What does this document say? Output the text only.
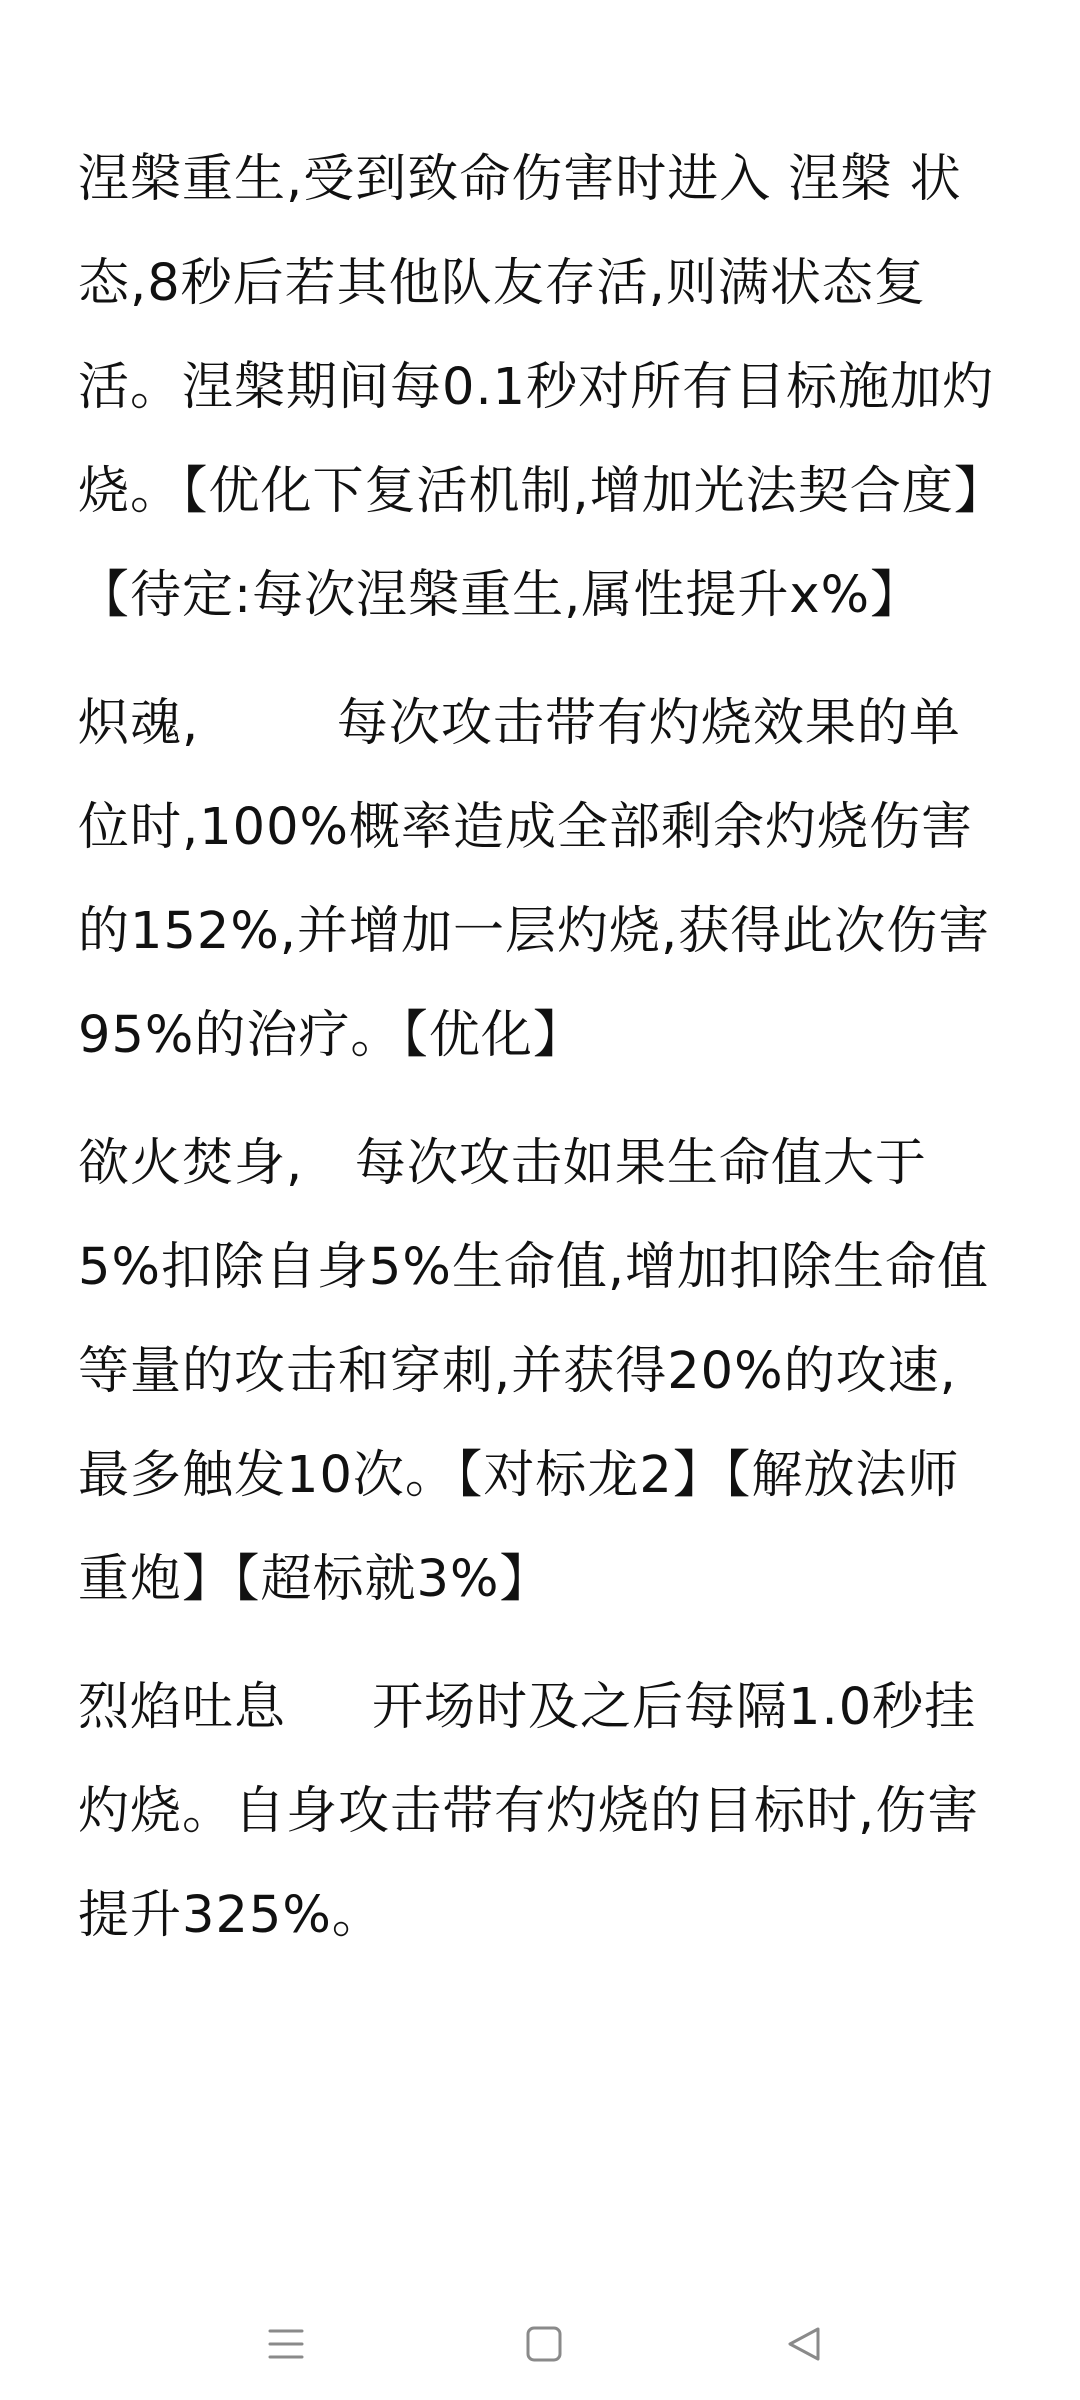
涅槃重生,受到致命伤害时进入 涅槃 状态,8秒后若其他队友存活,则满状态复活。涅槃期间每0.1秒对所有目标施加灼烧。【优化下复活机制,增加光法契合度】【待定:每次涅槃重生,属性提升x%】

炽魂,        每次攻击带有灼烧效果的单位时,100%概率造成全部剩余灼烧伤害的152%,并增加一层灼烧,获得此次伤害95%的治疗。【优化】

欲火焚身,   每次攻击如果生命值大于5%扣除自身5%生命值,增加扣除生命值等量的攻击和穿刺,并获得20%的攻速,最多触发10次。【对标龙2】【解放法师重炮】【超标就3%】

烈焰吐息     开场时及之后每隔1.0秒挂灼烧。自身攻击带有灼烧的目标时,伤害提升325%。
